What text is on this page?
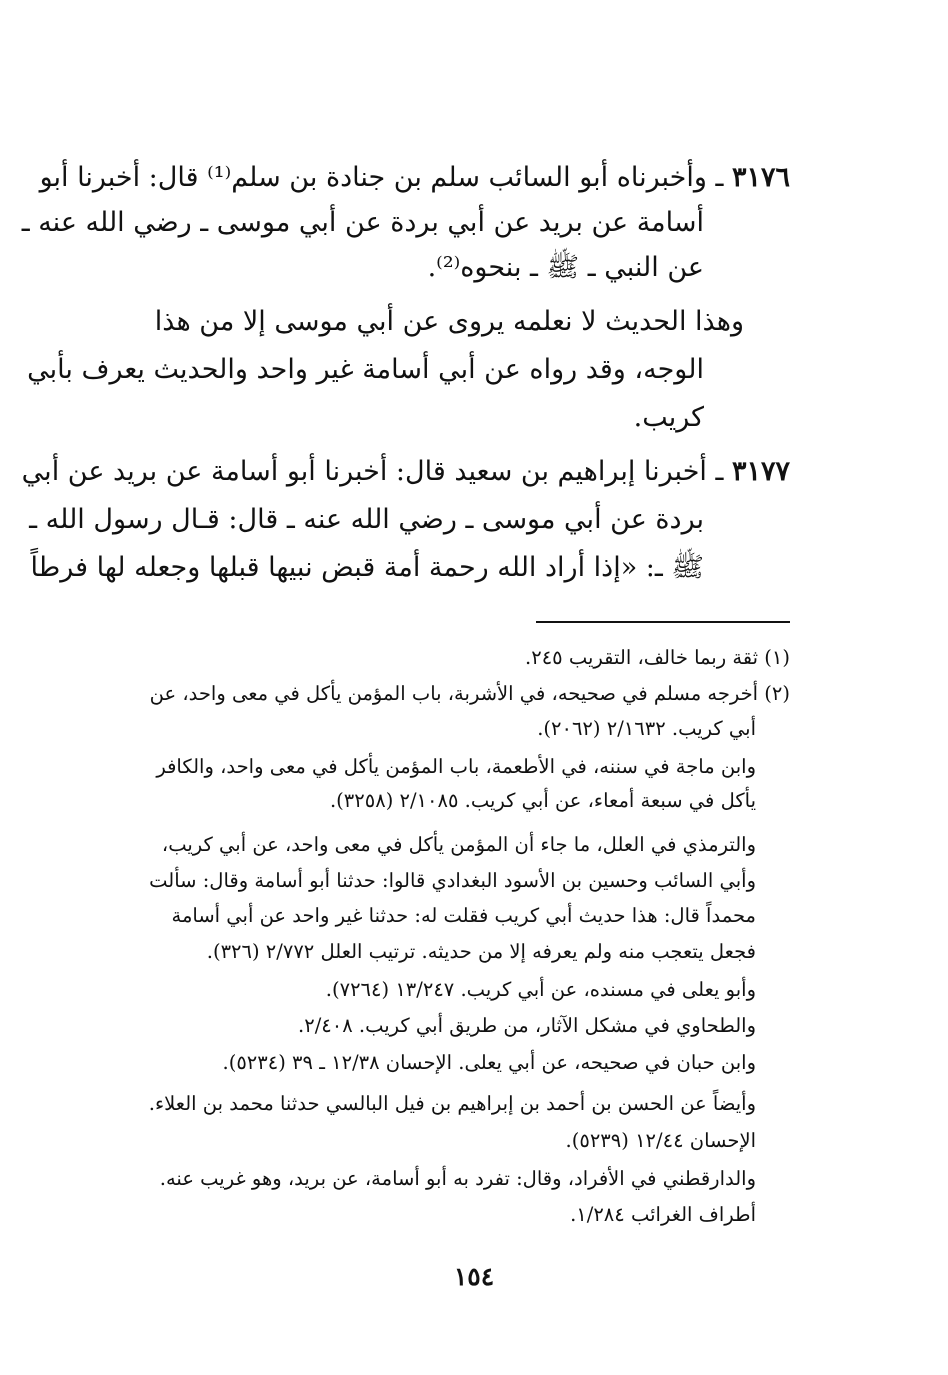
٣١٧٦ ـ وأخبرناه أبو السائب سلم بن جنادة بن سلم⁽¹⁾ قال: أخبرنا أبو
أسامة عن بريد عن أبي بردة عن أبي موسى ـ رضي الله عنه ـ
عن النبي ـ ﷺ ـ بنحوه⁽²⁾.
وهذا الحديث لا نعلمه يروى عن أبي موسى إلا من هذا
الوجه، وقد رواه عن أبي أسامة غير واحد والحديث يعرف بأبي
كريب.
٣١٧٧ ـ أخبرنا إبراهيم بن سعيد قال: أخبرنا أبو أسامة عن بريد عن أبي
بردة عن أبي موسى ـ رضي الله عنه ـ قال: قـال رسول الله ـ
ﷺ ـ: «إذا أراد الله رحمة أمة قبض نبيها قبلها وجعله لها فرطاً
(١) ثقة ربما خالف، التقريب ٢٤٥.
(٢) أخرجه مسلم في صحيحه، في الأشربة، باب المؤمن يأكل في معى واحد، عن
أبي كريب. ٢/١٦٣٢ (٢٠٦٢).
وابن ماجة في سننه، في الأطعمة، باب المؤمن يأكل في معى واحد، والكافر
يأكل في سبعة أمعاء، عن أبي كريب. ٢/١٠٨٥ (٣٢٥٨).
والترمذي في العلل، ما جاء أن المؤمن يأكل في معى واحد، عن أبي كريب،
وأبي السائب وحسين بن الأسود البغدادي قالوا: حدثنا أبو أسامة وقال: سألت
محمداً قال: هذا حديث أبي كريب فقلت له: حدثنا غير واحد عن أبي أسامة
فجعل يتعجب منه ولم يعرفه إلا من حديثه. ترتيب العلل ٢/٧٧٢ (٣٢٦).
وأبو يعلى في مسنده، عن أبي كريب. ١٣/٢٤٧ (٧٢٦٤).
والطحاوي في مشكل الآثار، من طريق أبي كريب. ٢/٤٠٨.
وابن حبان في صحيحه، عن أبي يعلى. الإحسان ١٢/٣٨ ـ ٣٩ (٥٢٣٤).
وأيضاً عن الحسن بن أحمد بن إبراهيم بن فيل البالسي حدثنا محمد بن العلاء.
الإحسان ١٢/٤٤ (٥٢٣٩).
والدارقطني في الأفراد، وقال: تفرد به أبو أسامة، عن بريد، وهو غريب عنه.
أطراف الغرائب ١/٢٨٤.
١٥٤
